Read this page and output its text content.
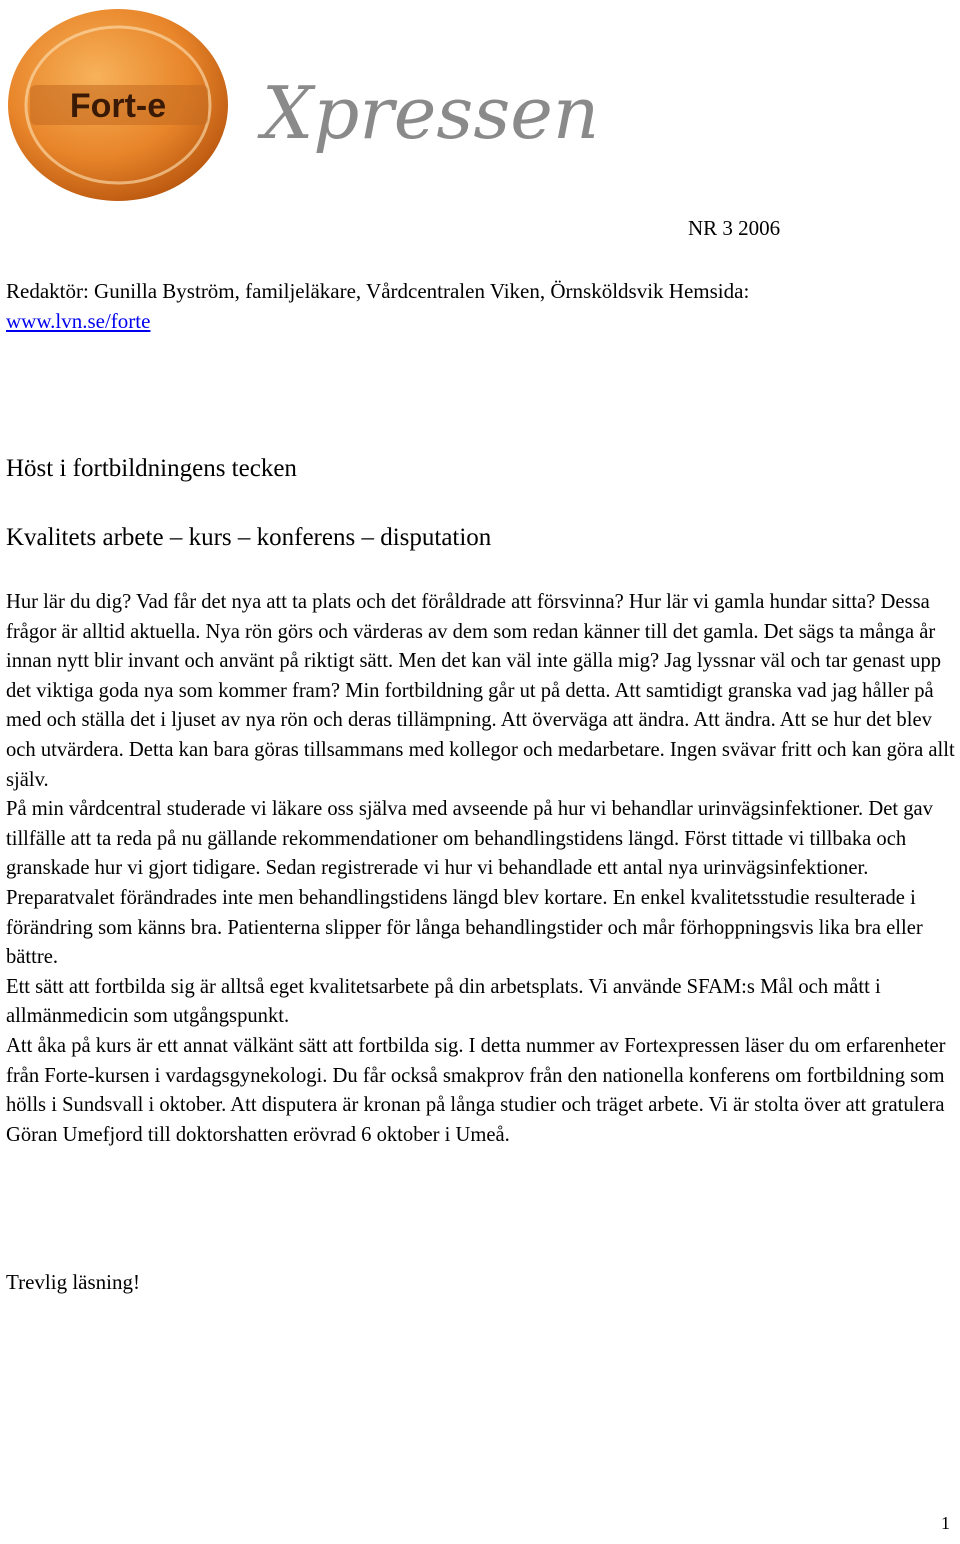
Fort-e Xpressen
NR 3 2006
Redaktör: Gunilla Byström, familjeläkare, Vårdcentralen Viken, Örnsköldsvik Hemsida:
www.lvn.se/forte
Höst i fortbildningens tecken
Kvalitets arbete – kurs – konferens – disputation

Hur lär du dig? Vad får det nya att ta plats och det föråldrade att försvinna? Hur lär vi gamla hundar sitta? Dessa frågor är alltid aktuella. Nya rön görs och värderas av dem som redan känner till det gamla. Det sägs ta många år innan nytt blir invant och använt på riktigt sätt. Men det kan väl inte gälla mig? Jag lyssnar väl och tar genast upp det viktiga goda nya som kommer fram? Min fortbildning går ut på detta. Att samtidigt granska vad jag håller på med och ställa det i ljuset av nya rön och deras tillämpning. Att överväga att ändra. Att ändra. Att se hur det blev och utvärdera. Detta kan bara göras tillsammans med kollegor och medarbetare. Ingen svävar fritt och kan göra allt själv.

På min vårdcentral studerade vi läkare oss själva med avseende på hur vi behandlar urinvägsinfektioner. Det gav tillfälle att ta reda på nu gällande rekommendationer om behandlingstidens längd. Först tittade vi tillbaka och granskade hur vi gjort tidigare. Sedan registrerade vi hur vi behandlade ett antal nya urinvägsinfektioner. Preparatvalet förändrades inte men behandlingstidens längd blev kortare. En enkel kvalitetsstudie resulterade i förändring som känns bra. Patienterna slipper för långa behandlingstider och mår förhoppningsvis lika bra eller bättre.

Ett sätt att fortbilda sig är alltså eget kvalitetsarbete på din arbetsplats. Vi använde SFAM:s Mål och mått i allmänmedicin som utgångspunkt.

Att åka på kurs är ett annat välkänt sätt att fortbilda sig. I detta nummer av Fortexpressen läser du om erfarenheter från Forte-kursen i vardagsgynekologi. Du får också smakprov från den nationella konferens om fortbildning som hölls i Sundsvall i oktober. Att disputera är kronan på långa studier och träget arbete. Vi är stolta över att gratulera Göran Umefjord till doktorshatten erövrad 6 oktober i Umeå.

Trevlig läsning!
1
